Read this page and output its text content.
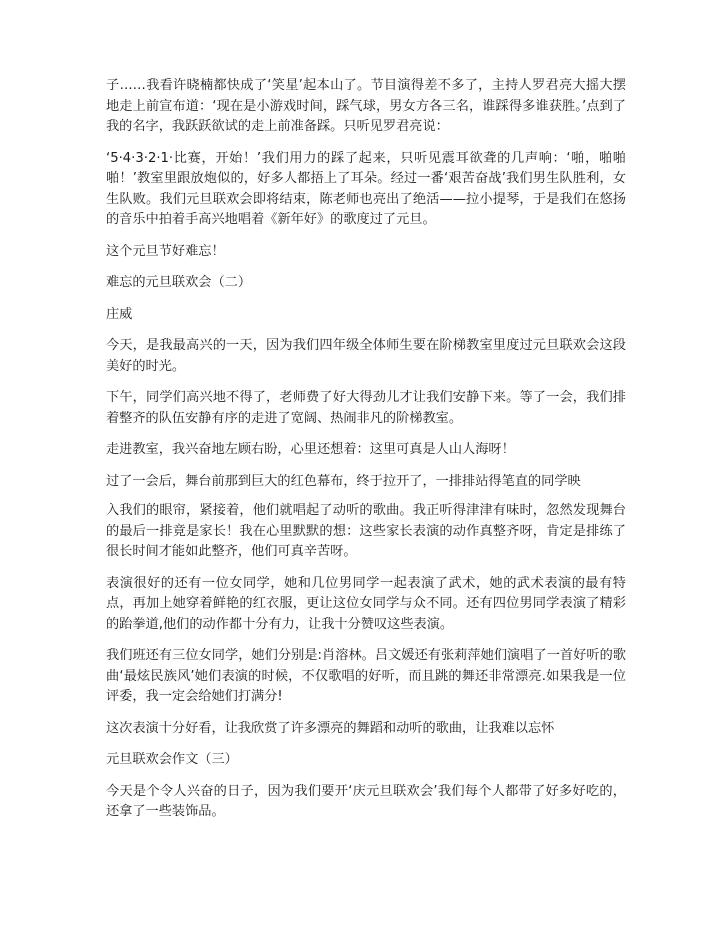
子……我看许晓楠都快成了‘笑星’起本山了。节目演得差不多了，主持人罗君亮大摇大摆地走上前宣布道：‘现在是小游戏时间，踩气球，男女方各三名，谁踩得多谁获胜。’点到了我的名字，我跃跃欲试的走上前准备踩。只听见罗君亮说：

‘5·4·3·2·1·比赛，开始！’我们用力的踩了起来，只听见震耳欲聋的几声响：‘啪，啪啪啪！’教室里跟放炮似的，好多人都捂上了耳朵。经过一番‘艰苦奋战’我们男生队胜利，女生队败。我们元旦联欢会即将结束，陈老师也亮出了绝活——拉小提琴，于是我们在悠扬的音乐中拍着手高兴地唱着《新年好》的歌度过了元旦。

这个元旦节好难忘！

难忘的元旦联欢会（二）

庄威

今天，是我最高兴的一天，因为我们四年级全体师生要在阶梯教室里度过元旦联欢会这段美好的时光。

下午，同学们高兴地不得了，老师费了好大得劲儿才让我们安静下来。等了一会，我们排着整齐的队伍安静有序的走进了宽阔、热闹非凡的阶梯教室。

走进教室，我兴奋地左顾右盼，心里还想着：这里可真是人山人海呀！

过了一会后，舞台前那到巨大的红色幕布，终于拉开了，一排排站得笔直的同学映

入我们的眼帘，紧接着，他们就唱起了动听的歌曲。我正听得津津有味时，忽然发现舞台的最后一排竟是家长！我在心里默默的想：这些家长表演的动作真整齐呀，肯定是排练了很长时间才能如此整齐，他们可真辛苦呀。

表演很好的还有一位女同学，她和几位男同学一起表演了武术，她的武术表演的最有特点，再加上她穿着鲜艳的红衣服，更让这位女同学与众不同。还有四位男同学表演了精彩的跆拳道,他们的动作都十分有力，让我十分赞叹这些表演。

我们班还有三位女同学，她们分别是:肖溶林。吕文媛还有张莉萍她们演唱了一首好听的歌曲‘最炫民族风’她们表演的时候，不仅歌唱的好听，而且跳的舞还非常漂亮.如果我是一位评委，我一定会给她们打满分!

这次表演十分好看，让我欣赏了许多漂亮的舞蹈和动听的歌曲，让我难以忘怀

元旦联欢会作文（三）

今天是个令人兴奋的日子，因为我们要开‘庆元旦联欢会’我们每个人都带了好多好吃的，还拿了一些装饰品。
